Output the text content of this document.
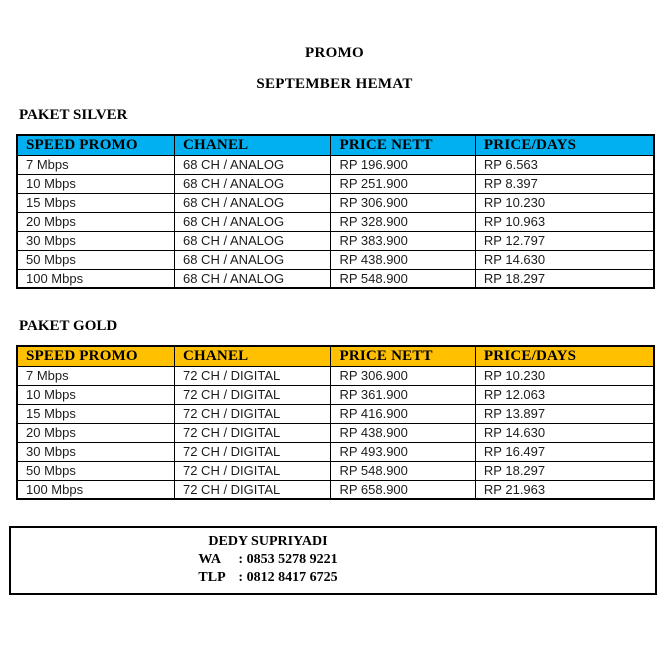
PROMO
SEPTEMBER HEMAT
PAKET SILVER
SPEED PROMO	CHANEL	PRICE NETT	PRICE/DAYS
7 Mbps	68 CH / ANALOG	RP 196.900	RP 6.563
10 Mbps	68 CH / ANALOG	RP 251.900	RP 8.397
15 Mbps	68 CH / ANALOG	RP 306.900	RP 10.230
20 Mbps	68 CH / ANALOG	RP 328.900	RP 10.963
30 Mbps	68 CH / ANALOG	RP 383.900	RP 12.797
50 Mbps	68 CH / ANALOG	RP 438.900	RP 14.630
100 Mbps	68 CH / ANALOG	RP 548.900	RP 18.297
PAKET GOLD
SPEED PROMO	CHANEL	PRICE NETT	PRICE/DAYS
7 Mbps	72 CH / DIGITAL	RP 306.900	RP 10.230
10 Mbps	72 CH / DIGITAL	RP 361.900	RP 12.063
15 Mbps	72 CH / DIGITAL	RP 416.900	RP 13.897
20 Mbps	72 CH / DIGITAL	RP 438.900	RP 14.630
30 Mbps	72 CH / DIGITAL	RP 493.900	RP 16.497
50 Mbps	72 CH / DIGITAL	RP 548.900	RP 18.297
100 Mbps	72 CH / DIGITAL	RP 658.900	RP 21.963
DEDY SUPRIYADI
WA : 0853 5278 9221
TLP : 0812 8417 6725
